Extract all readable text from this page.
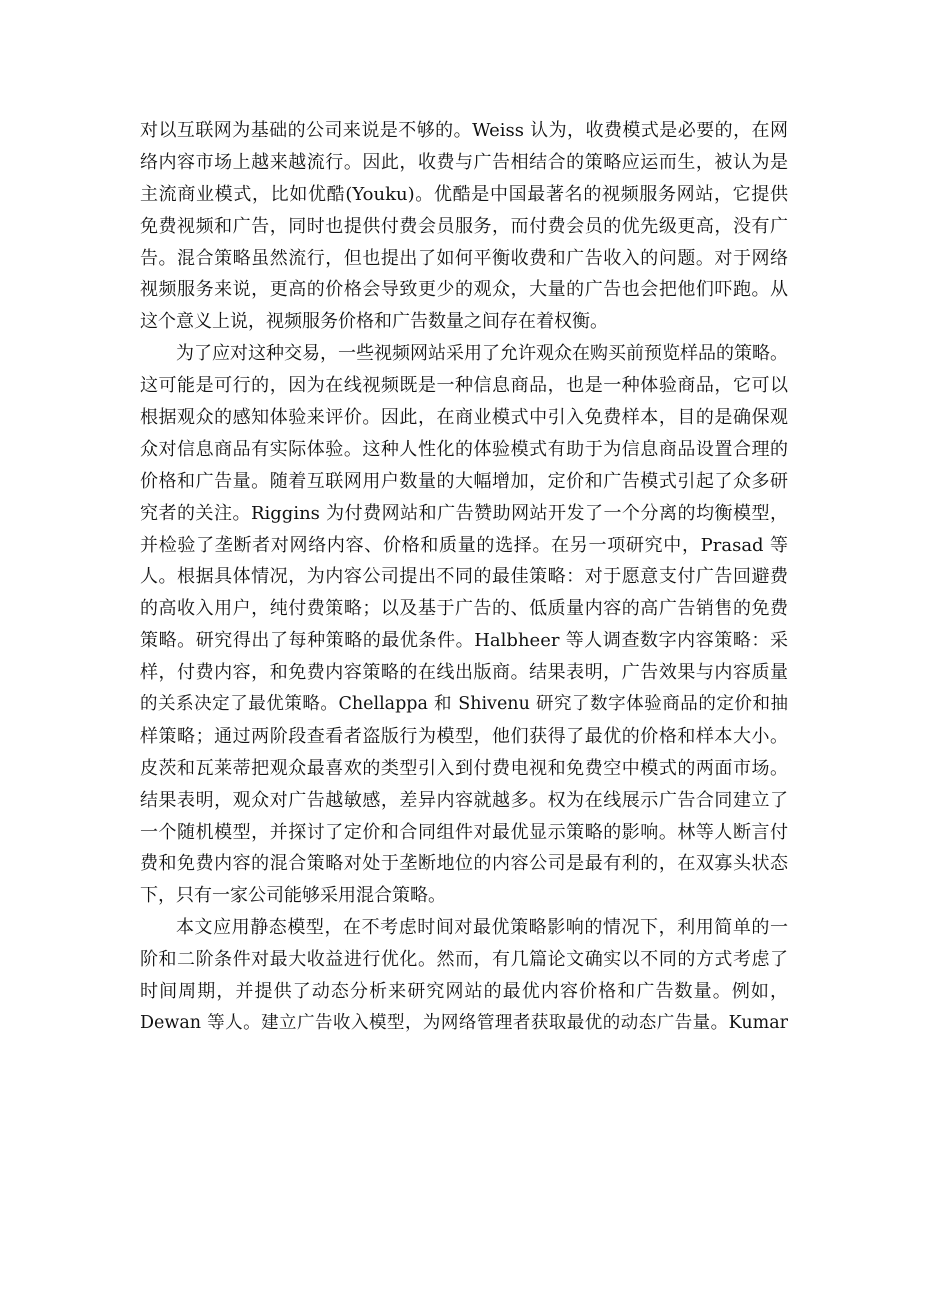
对以互联网为基础的公司来说是不够的。Weiss 认为，收费模式是必要的，在网
络内容市场上越来越流行。因此，收费与广告相结合的策略应运而生，被认为是
主流商业模式，比如优酷(Youku)。优酷是中国最著名的视频服务网站，它提供
免费视频和广告，同时也提供付费会员服务，而付费会员的优先级更高，没有广
告。混合策略虽然流行，但也提出了如何平衡收费和广告收入的问题。对于网络
视频服务来说，更高的价格会导致更少的观众，大量的广告也会把他们吓跑。从
这个意义上说，视频服务价格和广告数量之间存在着权衡。
为了应对这种交易，一些视频网站采用了允许观众在购买前预览样品的策略。
这可能是可行的，因为在线视频既是一种信息商品，也是一种体验商品，它可以
根据观众的感知体验来评价。因此，在商业模式中引入免费样本，目的是确保观
众对信息商品有实际体验。这种人性化的体验模式有助于为信息商品设置合理的
价格和广告量。随着互联网用户数量的大幅增加，定价和广告模式引起了众多研
究者的关注。Riggins 为付费网站和广告赞助网站开发了一个分离的均衡模型，
并检验了垄断者对网络内容、价格和质量的选择。在另一项研究中，Prasad 等
人。根据具体情况，为内容公司提出不同的最佳策略：对于愿意支付广告回避费
的高收入用户，纯付费策略；以及基于广告的、低质量内容的高广告销售的免费
策略。研究得出了每种策略的最优条件。Halbheer 等人调查数字内容策略：采
样，付费内容，和免费内容策略的在线出版商。结果表明，广告效果与内容质量
的关系决定了最优策略。Chellappa 和 Shivenu 研究了数字体验商品的定价和抽
样策略；通过两阶段查看者盗版行为模型，他们获得了最优的价格和样本大小。
皮茨和瓦莱蒂把观众最喜欢的类型引入到付费电视和免费空中模式的两面市场。
结果表明，观众对广告越敏感，差异内容就越多。权为在线展示广告合同建立了
一个随机模型，并探讨了定价和合同组件对最优显示策略的影响。林等人断言付
费和免费内容的混合策略对处于垄断地位的内容公司是最有利的，在双寡头状态
下，只有一家公司能够采用混合策略。
本文应用静态模型，在不考虑时间对最优策略影响的情况下，利用简单的一
阶和二阶条件对最大收益进行优化。然而，有几篇论文确实以不同的方式考虑了
时间周期，并提供了动态分析来研究网站的最优内容价格和广告数量。例如，
Dewan 等人。建立广告收入模型，为网络管理者获取最优的动态广告量。Kumar
